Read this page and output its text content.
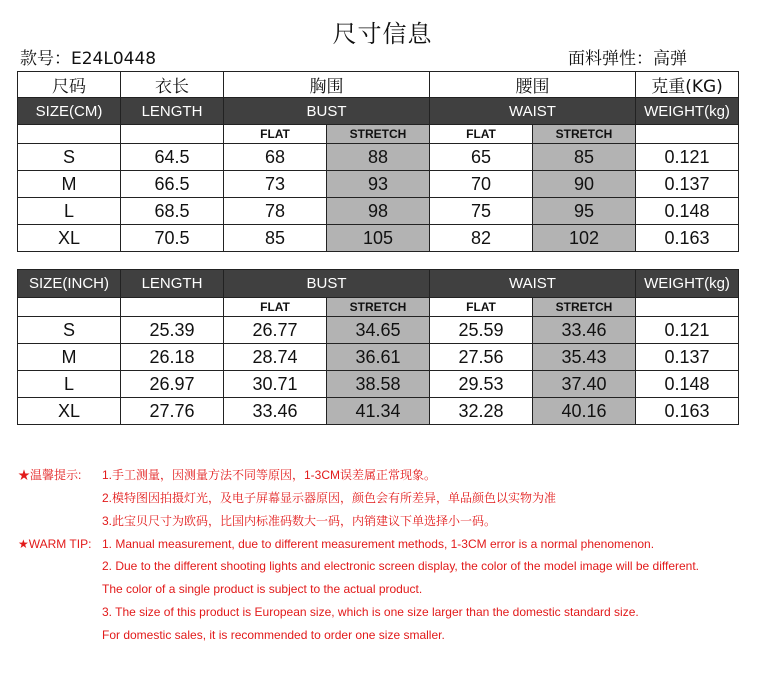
尺寸信息
款号：E24L0448	面料弹性：高弹
尺码	衣长	胸围		腰围		克重(KG)
SIZE(CM)	LENGTH	BUST		WAIST		WEIGHT(kg)
		FLAT	STRETCH	FLAT	STRETCH	
S	64.5	68	88	65	85	0.121
M	66.5	73	93	70	90	0.137
L	68.5	78	98	75	95	0.148
XL	70.5	85	105	82	102	0.163
SIZE(INCH)	LENGTH	BUST		WAIST		WEIGHT(kg)
		FLAT	STRETCH	FLAT	STRETCH	
S	25.39	26.77	34.65	25.59	33.46	0.121
M	26.18	28.74	36.61	27.56	35.43	0.137
L	26.97	30.71	38.58	29.53	37.40	0.148
XL	27.76	33.46	41.34	32.28	40.16	0.163
★温馨提示: 1.手工测量，因测量方法不同等原因，1-3CM误差属正常现象。
2.模特图因拍摄灯光，及电子屏幕显示器原因，颜色会有所差异，单品颜色以实物为准
3.此宝贝尺寸为欧码，比国内标准码数大一码，内销建议下单选择小一码。
★WARM TIP: 1. Manual measurement, due to different measurement methods, 1-3CM error is a normal phenomenon.
2. Due to the different shooting lights and electronic screen display, the color of the model image will be different.
The color of a single product is subject to the actual product.
3. The size of this product is European size, which is one size larger than the domestic standard size.
For domestic sales, it is recommended to order one size smaller.
